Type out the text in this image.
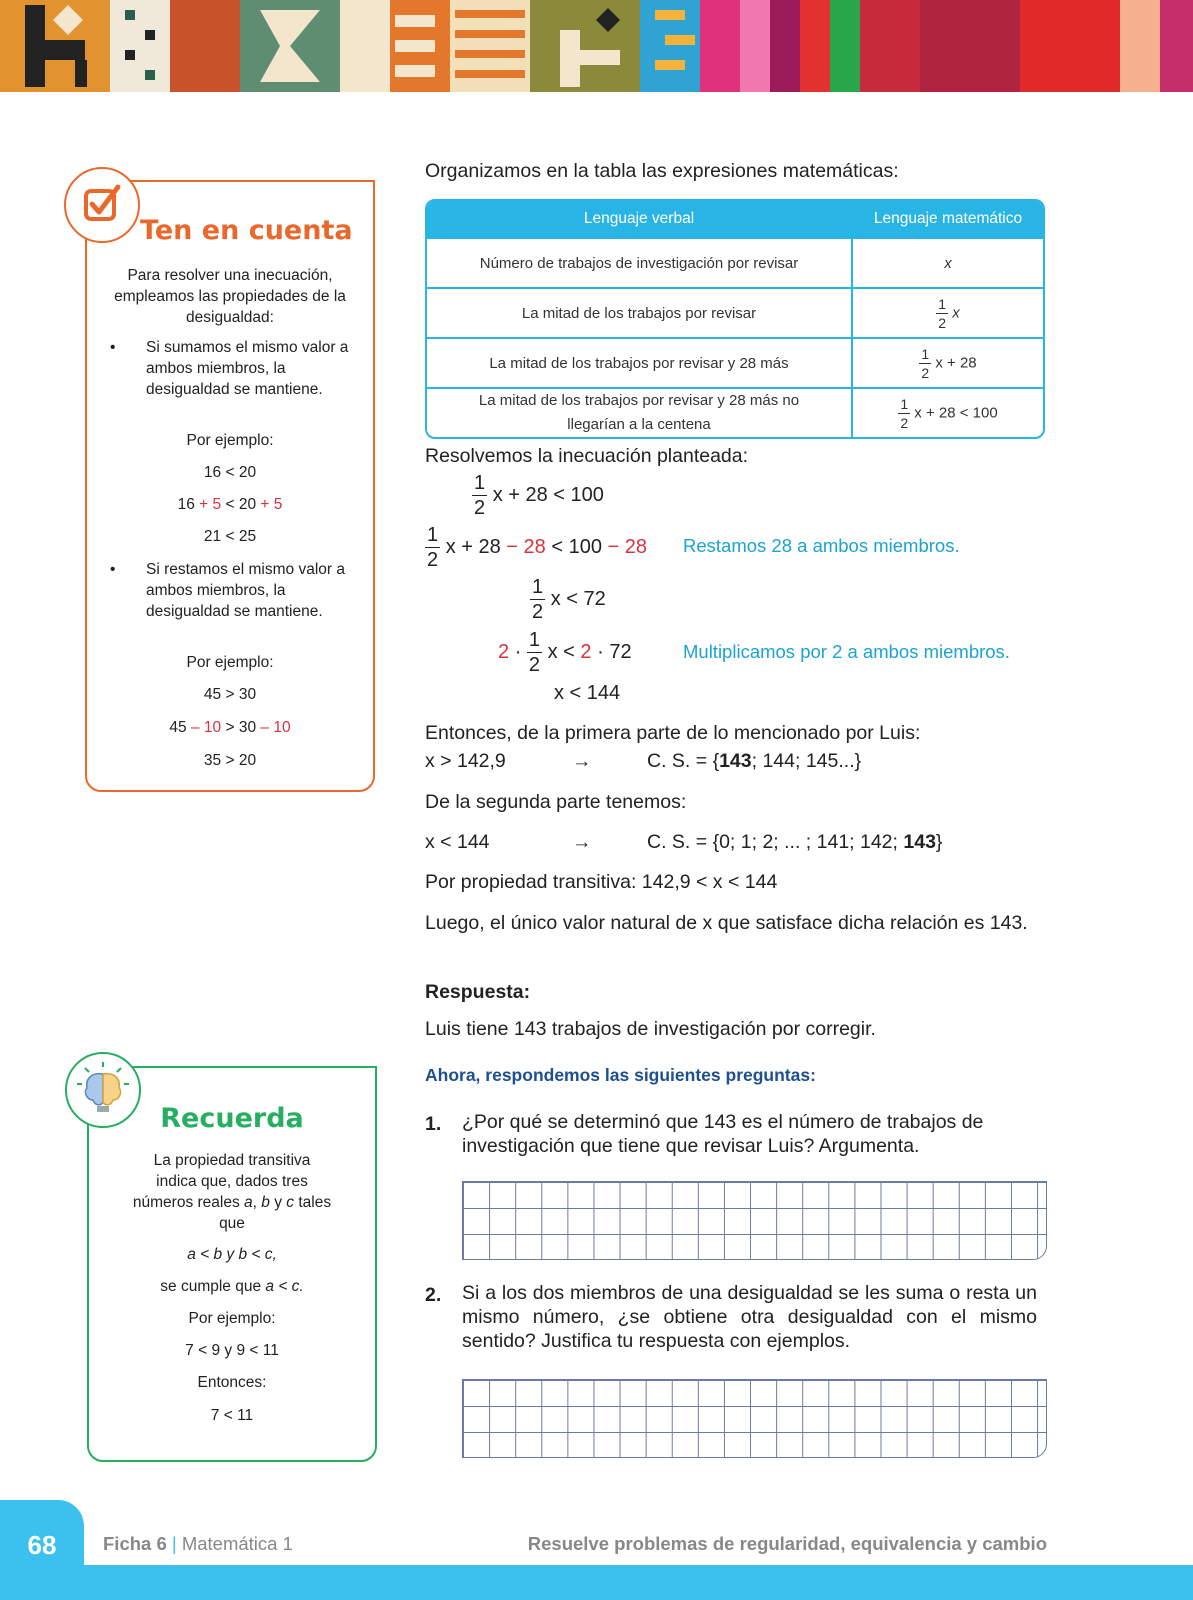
Ten en cuenta
Para resolver una inecuación, empleamos las propiedades de la desigualdad:
• Si sumamos el mismo valor a ambos miembros, la desigualdad se mantiene.
Por ejemplo:
16 < 20
16 + 5 < 20 + 5
21 < 25
• Si restamos el mismo valor a ambos miembros, la desigualdad se mantiene.
Por ejemplo:
45 > 30
45 – 10 > 30 – 10
35 > 20
Recuerda
La propiedad transitiva indica que, dados tres números reales a, b y c tales que
a < b y b < c,
se cumple que a < c.
Por ejemplo:
7 < 9 y 9 < 11
Entonces:
7 < 11
Organizamos en la tabla las expresiones matemáticas:
Lenguaje verbal	Lenguaje matemático
Número de trabajos de investigación por revisar	x
La mitad de los trabajos por revisar	$\frac{1}{2}$ x
La mitad de los trabajos por revisar y 28 más	$\frac{1}{2}$ x + 28
La mitad de los trabajos por revisar y 28 más no llegarían a la centena	$\frac{1}{2}$ x + 28 < 100
Resolvemos la inecuación planteada:
$\frac{1}{2}$ x + 28 < 100
$\frac{1}{2}$ x + 28 − 28 < 100 − 28 Restamos 28 a ambos miembros.
$\frac{1}{2}$ x < 72
$2 \cdot \frac{1}{2}$ x < 2 · 72	Multiplicamos por 2 a ambos miembros.
x < 144
Entonces, de la primera parte de lo mencionado por Luis:
x > 142,9	→	C. S. = {143; 144; 145...}
De la segunda parte tenemos:
x < 144	→	C. S. = {0; 1; 2; ... ; 141; 142; 143}
Por propiedad transitiva: 142,9 < x < 144
Luego, el único valor natural de x que satisface dicha relación es 143.
Respuesta:
Luis tiene 143 trabajos de investigación por corregir.
Ahora, respondemos las siguientes preguntas:
1. ¿Por qué se determinó que 143 es el número de trabajos de investigación que tiene que revisar Luis? Argumenta.
2. Si a los dos miembros de una desigualdad se les suma o resta un mismo número, ¿se obtiene otra desigualdad con el mismo sentido? Justifica tu respuesta con ejemplos.
68	Ficha 6 | Matemática 1	Resuelve problemas de regularidad, equivalencia y cambio
